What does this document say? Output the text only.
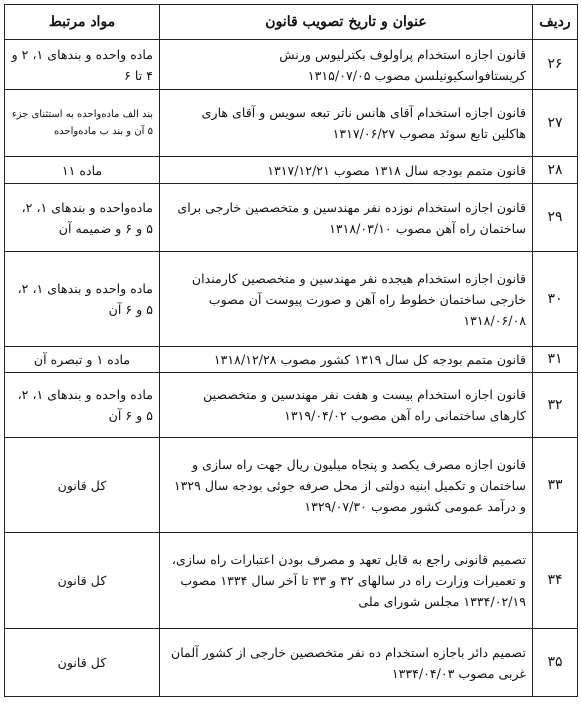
ردیف	عنوان و تاریخ تصویب قانون	مواد مرتبط
۲۶	قانون اجازه استخدام پراولوف بکترلیوس ورنش کریستافواسکیونیلسن مصوب ۱۳۱۵/۰۷/۰۵	ماده واحده و بندهای ۱، ۲ و ۴ تا ۶
۲۷	قانون اجازه استخدام آقای هانس ناتر تبعه سویس و آقای هاری هاکلین تابع سوئد مصوب ۱۳۱۷/۰۶/۲۷	بند الف ماده‌واحده به استثنای جزء ۵ آن و بند ب ماده‌واحده
۲۸	قانون متمم بودجه سال ۱۳۱۸ مصوب ۱۳۱۷/۱۲/۲۱	ماده ۱۱
۲۹	قانون اجازه استخدام نوزده نفر مهندسین و متخصصین خارجی برای ساختمان راه آهن مصوب ۱۳۱۸/۰۳/۱۰	ماده‌واحده و بندهای ۱، ۲، ۵ و ۶ و ضمیمه آن
۳۰	قانون اجازه استخدام هیجده نفر مهندسین و متخصصین کارمندان خارجی ساختمان خطوط راه آهن و صورت پیوست آن مصوب ۱۳۱۸/۰۶/۰۸	ماده واحده و بندهای ۱، ۲، ۵ و ۶ آن
۳۱	قانون متمم بودجه کل سال ۱۳۱۹ کشور مصوب ۱۳۱۸/۱۲/۲۸	ماده ۱ و تبصره آن
۳۲	قانون اجازه استخدام بیست و هفت نفر مهندسین و متخصصین کارهای ساختمانی راه آهن مصوب ۱۳۱۹/۰۴/۰۲	ماده واحده و بندهای ۱، ۲، ۵ و ۶ آن
۳۳	قانون اجازه مصرف یکصد و پنجاه میلیون ریال جهت راه سازی و ساختمان و تکمیل ابنیه دولتی از محل صرفه جوئی بودجه سال ۱۳۲۹ و درآمد عمومی کشور مصوب ۱۳۲۹/۰۷/۳۰	کل قانون
۳۴	تصمیم قانونی راجع به قابل تعهد و مصرف بودن اعتبارات راه سازی، و تعمیرات وزارت راه در سالهای ۳۲ و ۳۳ تا آخر سال ۱۳۳۴ مصوب ۱۳۳۴/۰۲/۱۹ مجلس شورای ملی	کل قانون
۳۵	تصمیم دائر باجازه استخدام ده نفر متخصصین خارجی از کشور آلمان غربی مصوب ۱۳۳۴/۰۴/۰۳	کل قانون
